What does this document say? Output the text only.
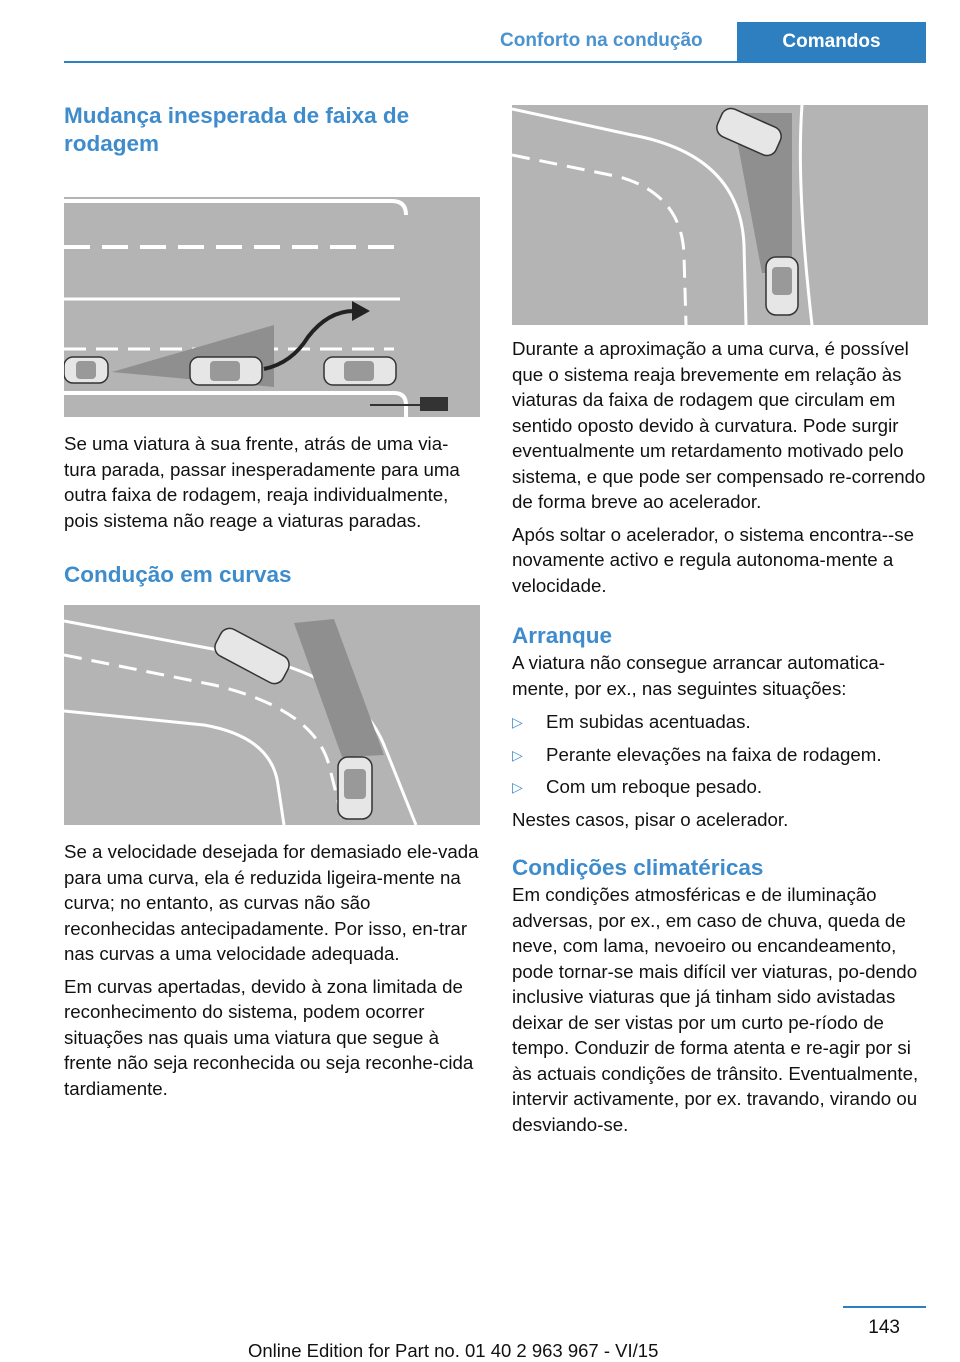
Conforto na condução	Comandos
Mudança inesperada de faixa de rodagem

Se uma viatura à sua frente, atrás de uma via-tura parada, passar inesperadamente para uma outra faixa de rodagem, reaja individualmente, pois sistema não reage a viaturas paradas.

Condução em curvas

Se a velocidade desejada for demasiado ele-vada para uma curva, ela é reduzida ligeira-mente na curva; no entanto, as curvas não são reconhecidas antecipadamente. Por isso, en-trar nas curvas a uma velocidade adequada.

Em curvas apertadas, devido à zona limitada de reconhecimento do sistema, podem ocorrer situações nas quais uma viatura que segue à frente não seja reconhecida ou seja reconhe-cida tardiamente.

Durante a aproximação a uma curva, é possível que o sistema reaja brevemente em relação às viaturas da faixa de rodagem que circulam em sentido oposto devido à curvatura. Pode surgir eventualmente um retardamento motivado pelo sistema, e que pode ser compensado re-correndo de forma breve ao acelerador.

Após soltar o acelerador, o sistema encontra--se novamente activo e regula autonoma-mente a velocidade.

Arranque

A viatura não consegue arrancar automatica-mente, por ex., nas seguintes situações:

▷	Em subidas acentuadas.
▷	Perante elevações na faixa de rodagem.
▷	Com um reboque pesado.

Nestes casos, pisar o acelerador.

Condições climatéricas

Em condições atmosféricas e de iluminação adversas, por ex., em caso de chuva, queda de neve, com lama, nevoeiro ou encandeamento, pode tornar-se mais difícil ver viaturas, po-dendo inclusive viaturas que já tinham sido avistadas deixar de ser vistas por um curto pe-ríodo de tempo. Conduzir de forma atenta e re-agir por si às actuais condições de trânsito. Eventualmente, intervir activamente, por ex. travando, virando ou desviando-se.

143
Online Edition for Part no. 01 40 2 963 967 - VI/15
